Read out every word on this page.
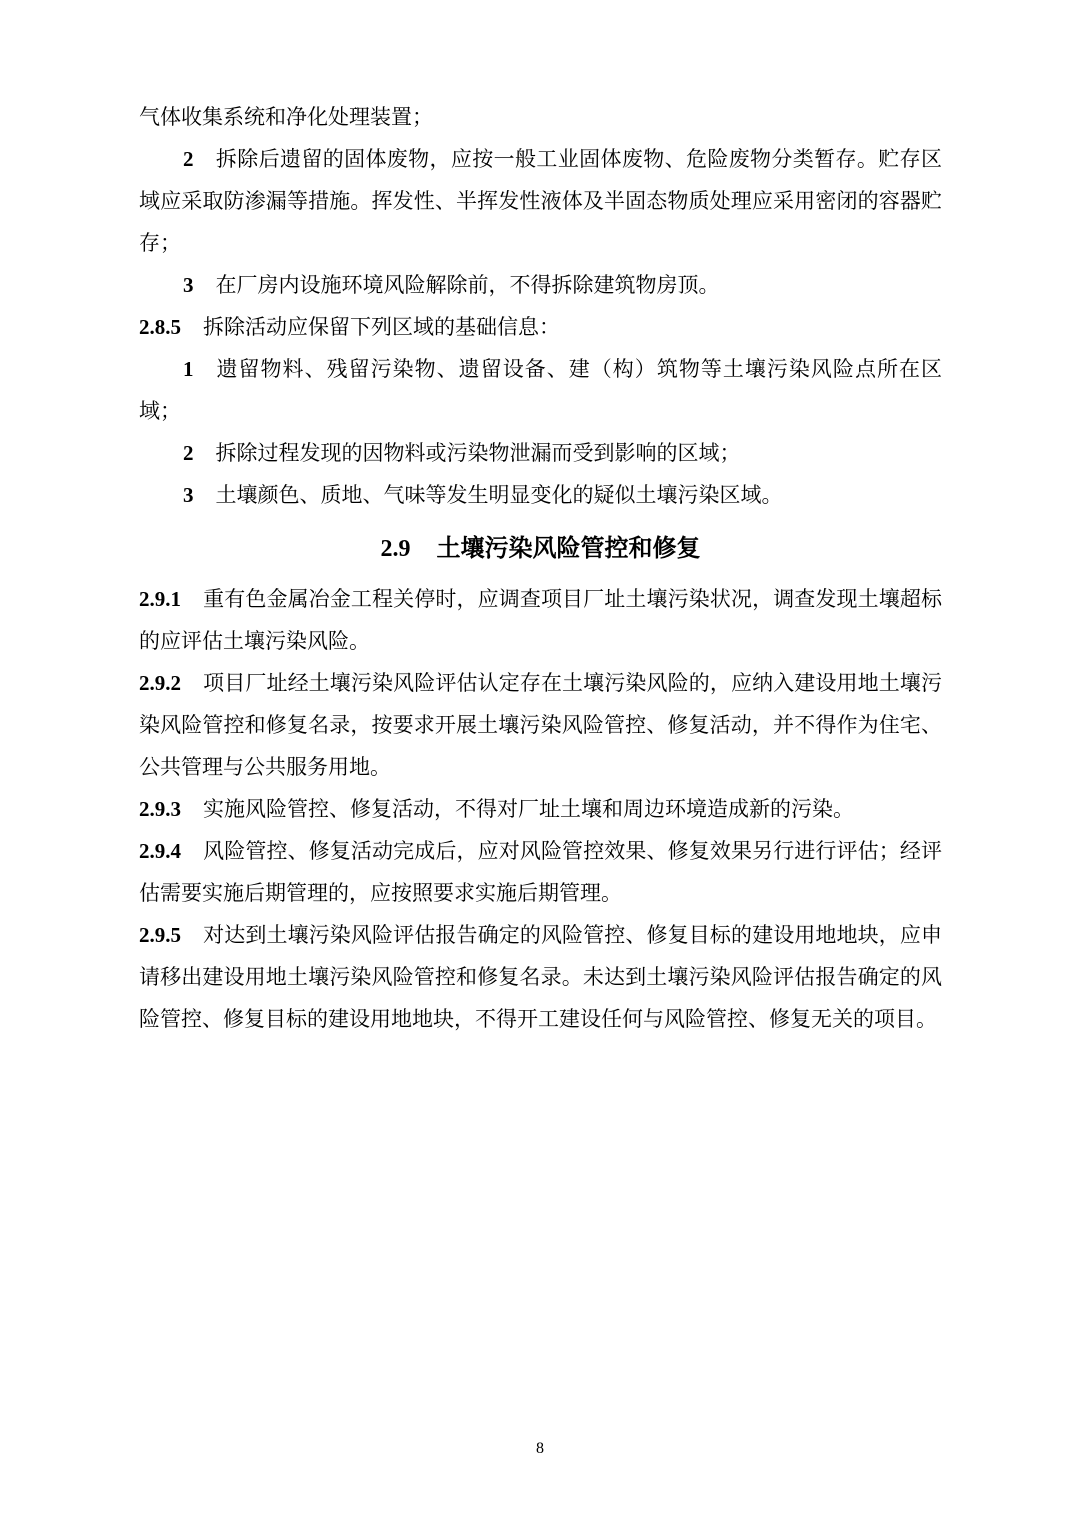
气体收集系统和净化处理装置；

2 拆除后遗留的固体废物，应按一般工业固体废物、危险废物分类暂存。贮存区域应采取防渗漏等措施。挥发性、半挥发性液体及半固态物质处理应采用密闭的容器贮存；

3 在厂房内设施环境风险解除前，不得拆除建筑物房顶。

2.8.5 拆除活动应保留下列区域的基础信息：

1 遗留物料、残留污染物、遗留设备、建（构）筑物等土壤污染风险点所在区域；

2 拆除过程发现的因物料或污染物泄漏而受到影响的区域；

3 土壤颜色、质地、气味等发生明显变化的疑似土壤污染区域。

2.9 土壤污染风险管控和修复

2.9.1 重有色金属冶金工程关停时，应调查项目厂址土壤污染状况，调查发现土壤超标的应评估土壤污染风险。

2.9.2 项目厂址经土壤污染风险评估认定存在土壤污染风险的，应纳入建设用地土壤污染风险管控和修复名录，按要求开展土壤污染风险管控、修复活动，并不得作为住宅、公共管理与公共服务用地。

2.9.3 实施风险管控、修复活动，不得对厂址土壤和周边环境造成新的污染。

2.9.4 风险管控、修复活动完成后，应对风险管控效果、修复效果另行进行评估；经评估需要实施后期管理的，应按照要求实施后期管理。

2.9.5 对达到土壤污染风险评估报告确定的风险管控、修复目标的建设用地地块，应申请移出建设用地土壤污染风险管控和修复名录。未达到土壤污染风险评估报告确定的风险管控、修复目标的建设用地地块，不得开工建设任何与风险管控、修复无关的项目。

8
